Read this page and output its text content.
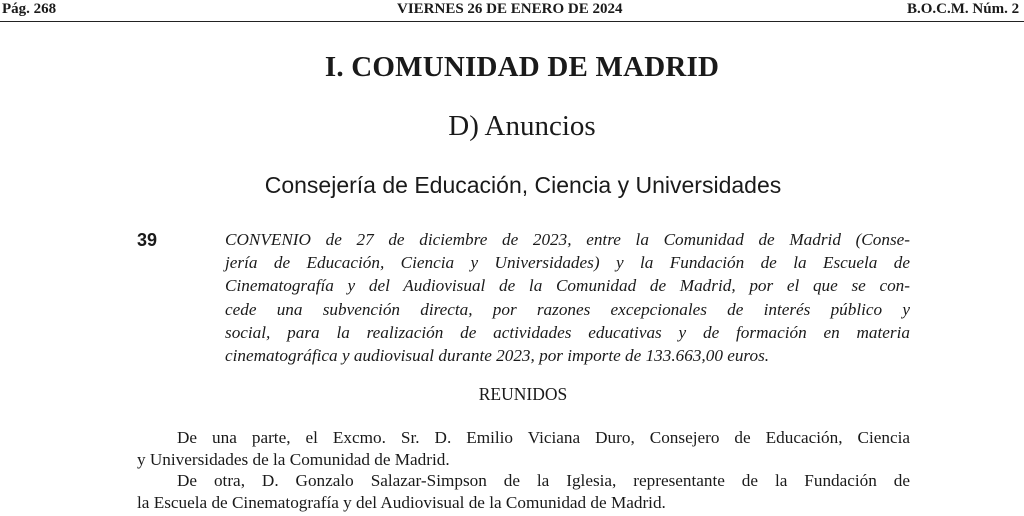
Pág. 268	VIERNES 26 DE ENERO DE 2024	B.O.C.M. Núm. 2
I. COMUNIDAD DE MADRID
D) Anuncios
Consejería de Educación, Ciencia y Universidades
39	CONVENIO de 27 de diciembre de 2023, entre la Comunidad de Madrid (Conse-
jería de Educación, Ciencia y Universidades) y la Fundación de la Escuela de
Cinematografía y del Audiovisual de la Comunidad de Madrid, por el que se con-
cede una subvención directa, por razones excepcionales de interés público y
social, para la realización de actividades educativas y de formación en materia
cinematográfica y audiovisual durante 2023, por importe de 133.663,00 euros.
REUNIDOS
De una parte, el Excmo. Sr. D. Emilio Viciana Duro, Consejero de Educación, Ciencia
y Universidades de la Comunidad de Madrid.
De otra, D. Gonzalo Salazar-Simpson de la Iglesia, representante de la Fundación de
la Escuela de Cinematografía y del Audiovisual de la Comunidad de Madrid.
